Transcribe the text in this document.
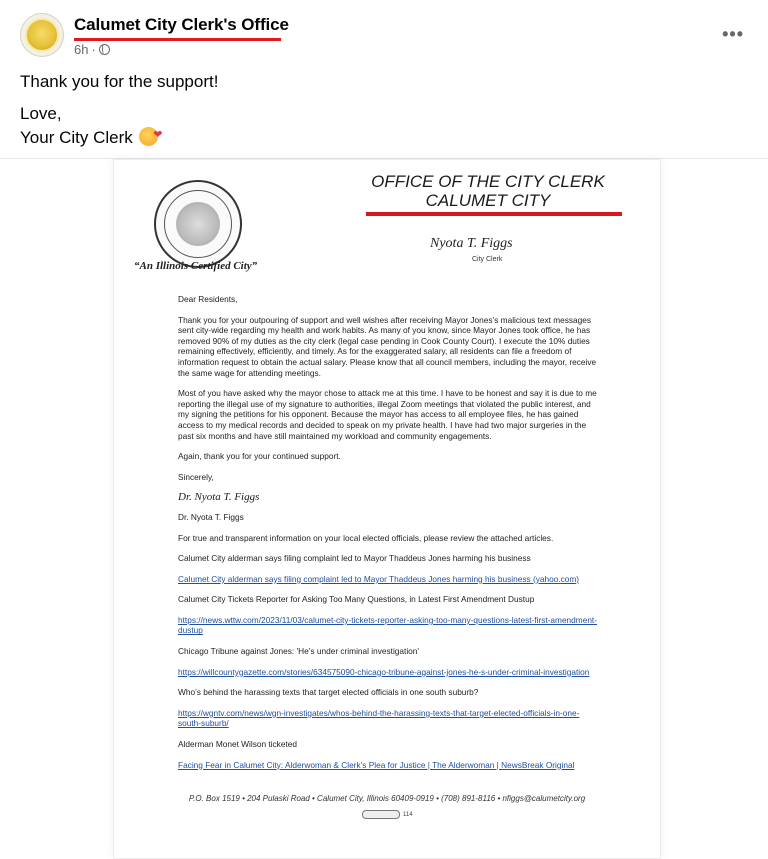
Calumet City Clerk's Office
6h ·
•••

Thank you for the support!

Love,

Your City Clerk ❤

“An Illinois Certified City”
OFFICE OF THE CITY CLERK
CALUMET CITY
Nyota T. Figgs
City Clerk

Dear Residents,

Thank you for your outpouring of support and well wishes after receiving Mayor Jones’s malicious text messages sent city-wide regarding my health and work habits. As many of you know, since Mayor Jones took office, he has removed 90% of my duties as the city clerk (legal case pending in Cook County Court). I execute the 10% duties remaining effectively, efficiently, and timely. As for the exaggerated salary, all residents can file a freedom of information request to obtain the actual salary. Please know that all council members, including the mayor, receive the same wage for attending meetings.

Most of you have asked why the mayor chose to attack me at this time. I have to be honest and say it is due to me reporting the illegal use of my signature to authorities, illegal Zoom meetings that violated the public interest, and my signing the petitions for his opponent. Because the mayor has access to all employee files, he has gained access to my medical records and decided to speak on my private health. I have had two major surgeries in the past six months and have still maintained my workload and community engagements.

Again, thank you for your continued support.

Sincerely,

Dr. Nyota T. Figgs

Dr. Nyota T. Figgs

For true and transparent information on your local elected officials, please review the attached articles.

Calumet City alderman says filing complaint led to Mayor Thaddeus Jones harming his business

Calumet City alderman says filing complaint led to Mayor Thaddeus Jones harming his business (yahoo.com)

Calumet City Tickets Reporter for Asking Too Many Questions, in Latest First Amendment Dustup

https://news.wttw.com/2023/11/03/calumet-city-tickets-reporter-asking-too-many-questions-latest-first-amendment-dustup

Chicago Tribune against Jones: 'He’s under criminal investigation'

https://willcountygazette.com/stories/634575090-chicago-tribune-against-jones-he-s-under-criminal-investigation

Who’s behind the harassing texts that target elected officials in one south suburb?

https://wgntv.com/news/wgn-investigates/whos-behind-the-harassing-texts-that-target-elected-officials-in-one-south-suburb/

Alderman Monet Wilson ticketed

Facing Fear in Calumet City: Alderwoman & Clerk’s Plea for Justice | The Alderwoman | NewsBreak Original

P.O. Box 1519 • 204 Pulaski Road • Calumet City, Illinois 60409-0919 • (708) 891-8116 • nfiggs@calumetcity.org
114
